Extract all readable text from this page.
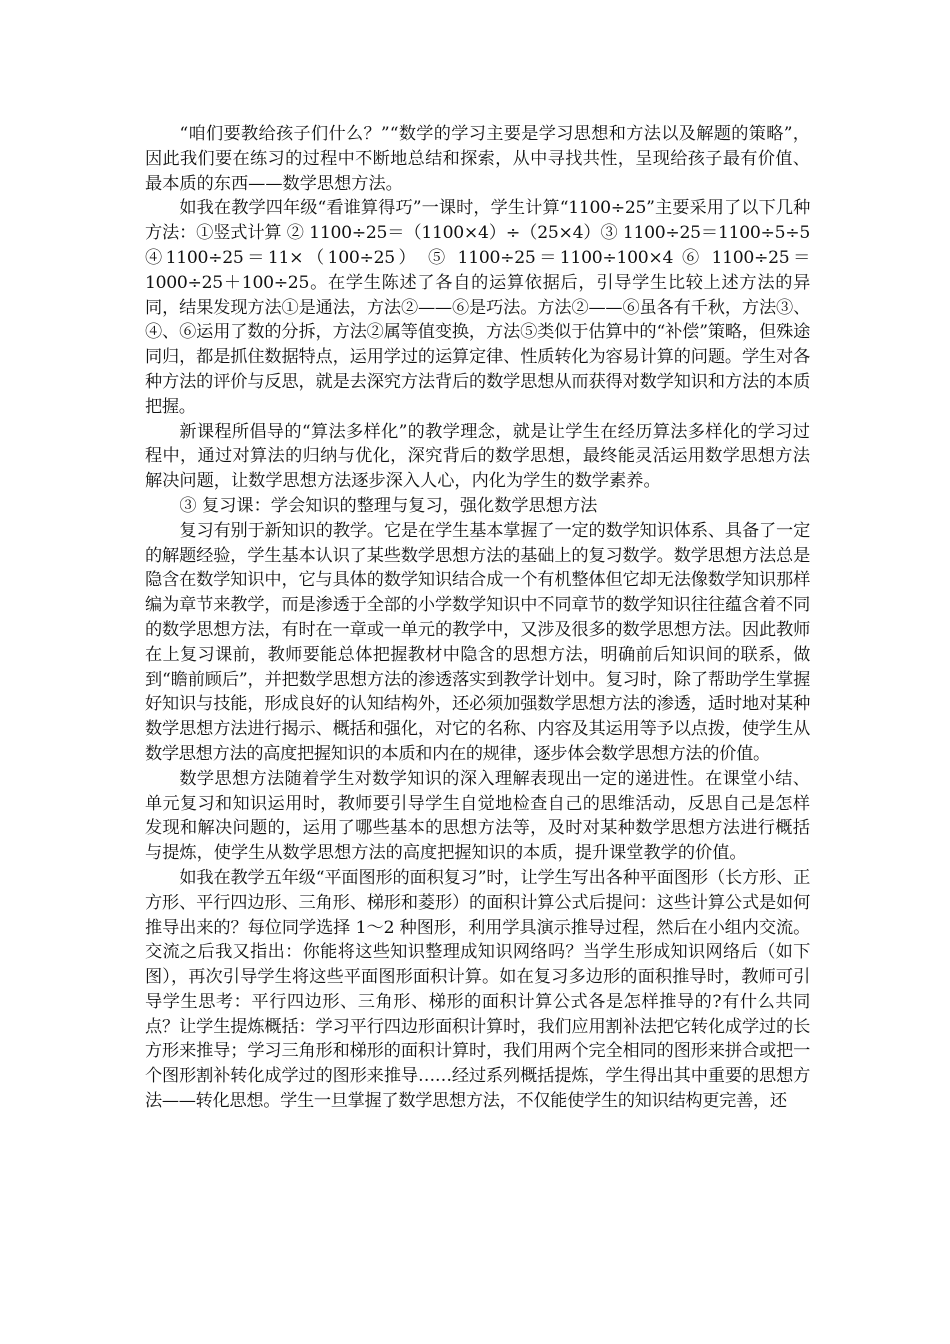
“咱们要教给孩子们什么？”“数学的学习主要是学习思想和方法以及解题的策略”，因此我们要在练习的过程中不断地总结和探索，从中寻找共性，呈现给孩子最有价值、最本质的东西——数学思想方法。

如我在教学四年级“看谁算得巧”一课时，学生计算“1100÷25”主要采用了以下几种方法：①竖式计算 ② 1100÷25＝（1100×4）÷（25×4）③ 1100÷25＝1100÷5÷5 ④1100÷25＝11×（100÷25） ⑤ 1100÷25＝1100÷100×4 ⑥ 1100÷25＝1000÷25＋100÷25。在学生陈述了各自的运算依据后，引导学生比较上述方法的异同，结果发现方法①是通法，方法②——⑥是巧法。方法②——⑥虽各有千秋，方法③、④、⑥运用了数的分拆，方法②属等值变换，方法⑤类似于估算中的“补偿”策略，但殊途同归，都是抓住数据特点，运用学过的运算定律、性质转化为容易计算的问题。学生对各种方法的评价与反思，就是去深究方法背后的数学思想从而获得对数学知识和方法的本质把握。

新课程所倡导的“算法多样化”的教学理念，就是让学生在经历算法多样化的学习过程中，通过对算法的归纳与优化，深究背后的数学思想，最终能灵活运用数学思想方法解决问题，让数学思想方法逐步深入人心，内化为学生的数学素养。

③ 复习课：学会知识的整理与复习，强化数学思想方法

复习有别于新知识的教学。它是在学生基本掌握了一定的数学知识体系、具备了一定的解题经验，学生基本认识了某些数学思想方法的基础上的复习数学。数学思想方法总是隐含在数学知识中，它与具体的数学知识结合成一个有机整体但它却无法像数学知识那样编为章节来教学，而是渗透于全部的小学数学知识中不同章节的数学知识往往蕴含着不同的数学思想方法，有时在一章或一单元的教学中，又涉及很多的数学思想方法。因此教师在上复习课前，教师要能总体把握教材中隐含的思想方法，明确前后知识间的联系，做到“瞻前顾后”，并把数学思想方法的渗透落实到教学计划中。复习时，除了帮助学生掌握好知识与技能，形成良好的认知结构外，还必须加强数学思想方法的渗透，适时地对某种数学思想方法进行揭示、概括和强化，对它的名称、内容及其运用等予以点拨，使学生从数学思想方法的高度把握知识的本质和内在的规律，逐步体会数学思想方法的价值。

数学思想方法随着学生对数学知识的深入理解表现出一定的递进性。在课堂小结、单元复习和知识运用时，教师要引导学生自觉地检查自己的思维活动，反思自己是怎样发现和解决问题的，运用了哪些基本的思想方法等，及时对某种数学思想方法进行概括与提炼，使学生从数学思想方法的高度把握知识的本质，提升课堂教学的价值。

如我在教学五年级“平面图形的面积复习”时，让学生写出各种平面图形（长方形、正方形、平行四边形、三角形、梯形和菱形）的面积计算公式后提问：这些计算公式是如何推导出来的？每位同学选择 1～2 种图形，利用学具演示推导过程，然后在小组内交流。交流之后我又指出：你能将这些知识整理成知识网络吗？当学生形成知识网络后（如下图），再次引导学生将这些平面图形面积计算。如在复习多边形的面积推导时，教师可引导学生思考：平行四边形、三角形、梯形的面积计算公式各是怎样推导的?有什么共同点？让学生提炼概括：学习平行四边形面积计算时，我们应用割补法把它转化成学过的长方形来推导；学习三角形和梯形的面积计算时，我们用两个完全相同的图形来拼合或把一个图形割补转化成学过的图形来推导……经过系列概括提炼，学生得出其中重要的思想方法——转化思想。学生一旦掌握了数学思想方法，不仅能使学生的知识结构更完善，还
